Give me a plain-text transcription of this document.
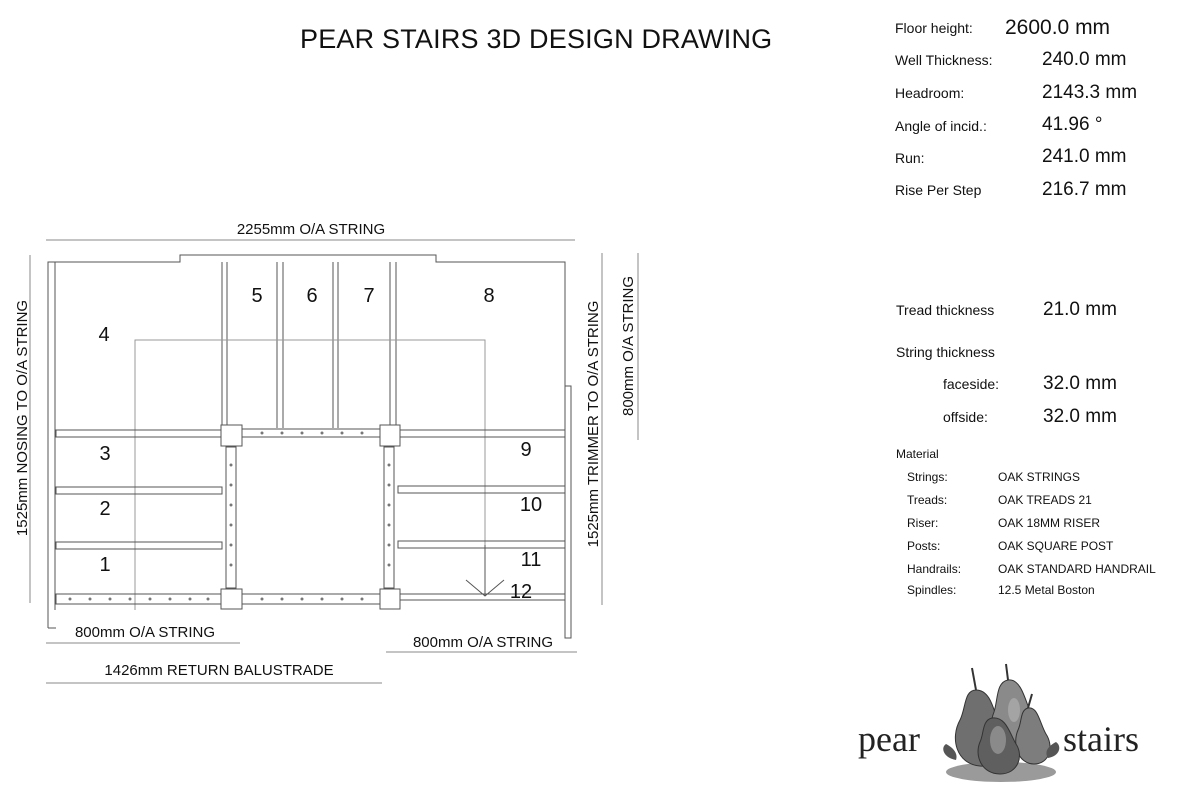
PEAR STAIRS 3D DESIGN DRAWING	Floor height: 2600.0 mm
Well Thickness:	240.0 mm
Headroom:	2143.3 mm
Angle of incid.:	41.96 °
Run:	241.0 mm
Rise Per Step	216.7 mm
Tread thickness	21.0 mm
String thickness
faceside: 32.0 mm
offside:	32.0 mm
Material
Strings:	OAK STRINGS
Treads:	OAK TREADS 21
Riser:	OAK 18MM RISER
Posts:	OAK SQUARE POST
Handrails:	OAK STANDARD HANDRAIL
Spindles:	12.5 Metal Boston
2255mm O/A STRING
1525mm NOSING TO O/A STRING	800mm O/A STRING
1525mm TRIMMER TO O/A STRING
800mm O/A STRING
800mm O/A STRING
1426mm RETURN BALUSTRADE
1
2
3
4
5 6 7	8
9
10
11
12
pear	stairs
